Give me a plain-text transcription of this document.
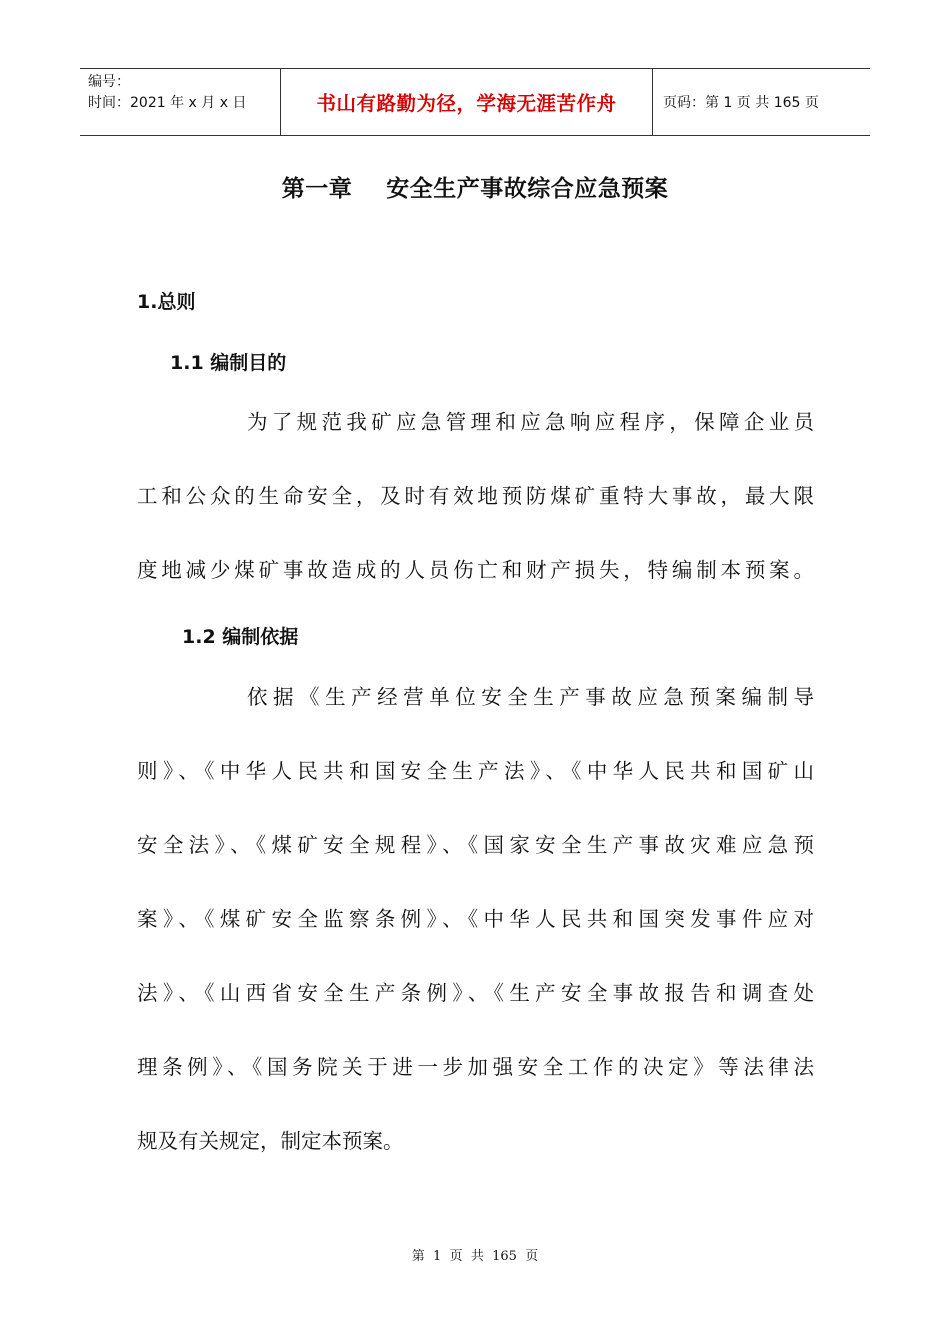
编号：
时间：2021 年 x 月 x 日	书山有路勤为径，学海无涯苦作舟	页码：第 1 页 共 165 页
第一章    安全生产事故综合应急预案
1.总则
1.1 编制目的
为了规范我矿应急管理和应急响应程序，保障企业员
工和公众的生命安全，及时有效地预防煤矿重特大事故，最大限
度地减少煤矿事故造成的人员伤亡和财产损失，特编制本预案。
1.2 编制依据
依据《生产经营单位安全生产事故应急预案编制导
则》、《中华人民共和国安全生产法》、《中华人民共和国矿山
安全法》、《煤矿安全规程》、《国家安全生产事故灾难应急预
案》、《煤矿安全监察条例》、《中华人民共和国突发事件应对
法》、《山西省安全生产条例》、《生产安全事故报告和调查处
理条例》、《国务院关于进一步加强安全工作的决定》等法律法
规及有关规定，制定本预案。
第  1  页  共  165  页
